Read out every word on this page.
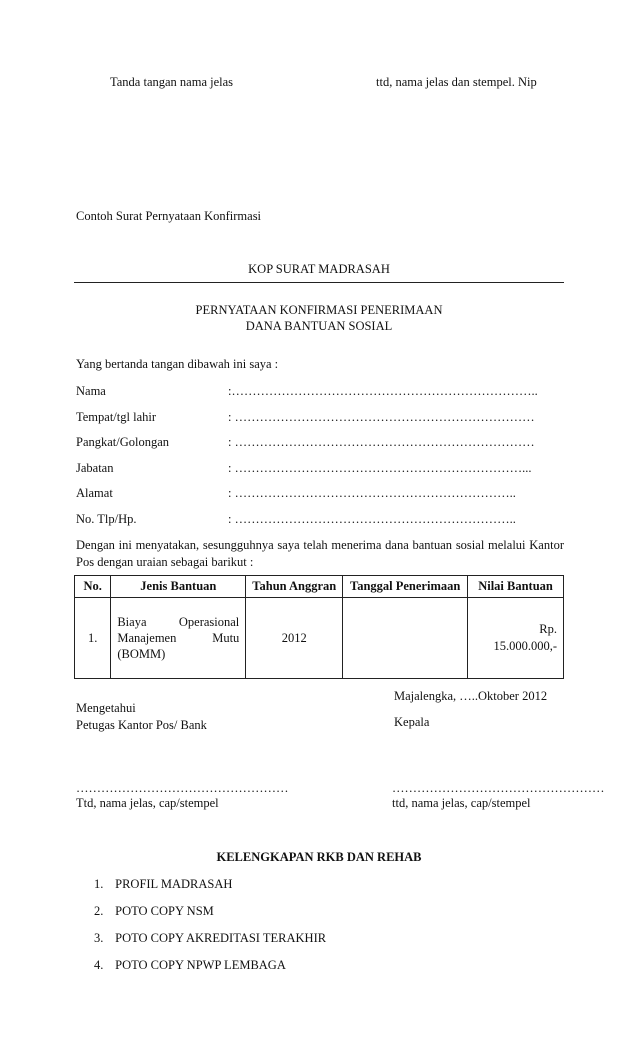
Tanda tangan nama jelas	ttd, nama jelas dan stempel. Nip
Contoh Surat Pernyataan Konfirmasi
KOP SURAT MADRASAH
PERNYATAAN KONFIRMASI PENERIMAAN
DANA BANTUAN SOSIAL
Yang bertanda tangan dibawah ini saya :
Nama	:………………………………………………………………..
Tempat/tgl lahir	: ………………………………………………………………
Pangkat/Golongan	: ………………………………………………………………
Jabatan	: ……………………………………………………………...
Alamat	: …………………………………………………………..
No. Tlp/Hp.	: …………………………………………………………..
Dengan ini menyatakan, sesungguhnya saya telah menerima dana bantuan sosial melalui Kantor Pos dengan uraian sebagai barikut :
No.	Jenis Bantuan	Tahun Anggran	Tanggal Penerimaan	Nilai Bantuan
1.	Biaya Operasional Manajemen Mutu (BOMM)	2012		Rp. 15.000.000,-
Majalengka, …..Oktober 2012
Mengetahui
Petugas Kantor Pos/ Bank	Kepala
……………………………………………	……………………………………………
Ttd, nama jelas, cap/stempel	ttd, nama jelas, cap/stempel
KELENGKAPAN RKB DAN REHAB
1. PROFIL MADRASAH
2. POTO COPY NSM
3. POTO COPY AKREDITASI TERAKHIR
4. POTO COPY NPWP LEMBAGA
